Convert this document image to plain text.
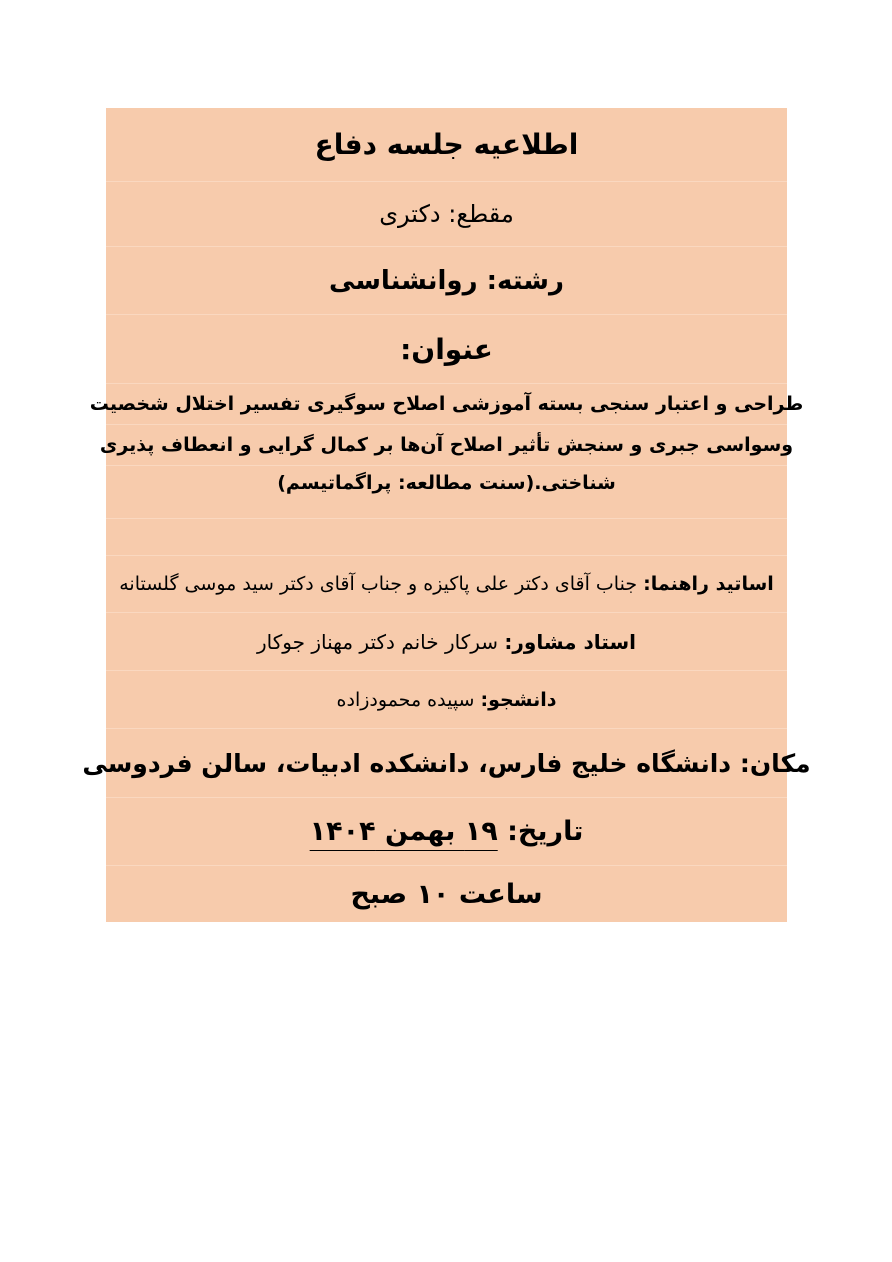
اطلاعیه جلسه دفاع
مقطع:

دکتری
رشته:

روانشناسی
عنوان:
طراحی و اعتبار سنجی بسته آموزشی اصلاح سوگیری تفسیر اختلال شخصیت
وسواسی جبری و سنجش تأثیر اصلاح آن‌ها بر کمال گرایی و انعطاف پذیری
شناختی.(سنت مطالعه: پراگماتیسم)
اساتید راهنما:

جناب آقای دکتر علی پاکیزه و جناب آقای دکتر سید موسی گلستانه
استاد مشاور:

سرکار خانم دکتر مهناز جوکار
دانشجو:

سپیده محمودزاده
مکان:

دانشگاه خلیج فارس، دانشکده ادبیات، سالن فردوسی
تاریخ:

۱۹ بهمن ۱۴۰۴
ساعت ۱۰ صبح
